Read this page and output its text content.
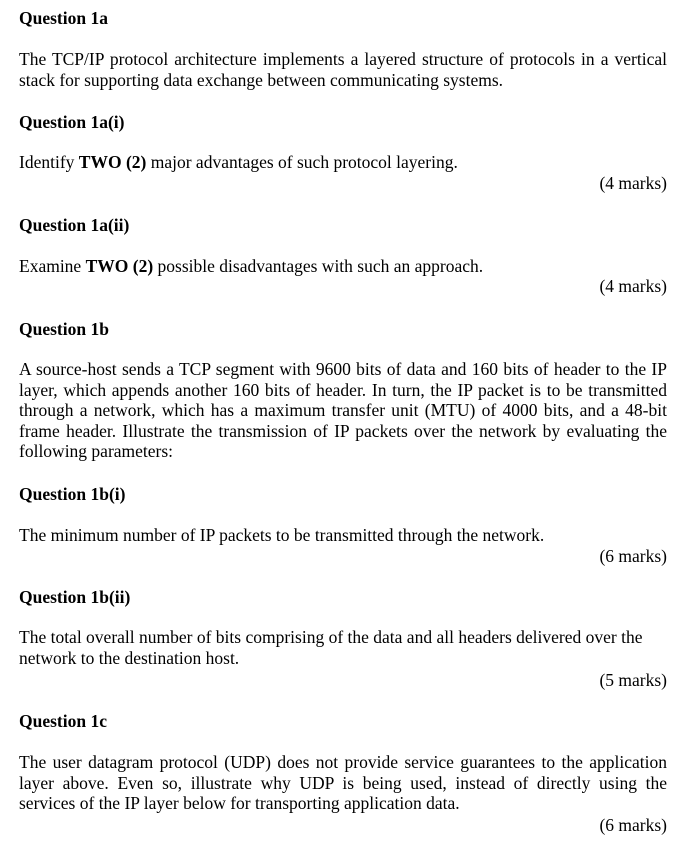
Question 1a
The TCP/IP protocol architecture implements a layered structure of protocols in a vertical stack for supporting data exchange between communicating systems.
Question 1a(i)
Identify TWO (2) major advantages of such protocol layering.
(4 marks)
Question 1a(ii)
Examine TWO (2) possible disadvantages with such an approach.
(4 marks)
Question 1b
A source-host sends a TCP segment with 9600 bits of data and 160 bits of header to the IP layer, which appends another 160 bits of header. In turn, the IP packet is to be transmitted through a network, which has a maximum transfer unit (MTU) of 4000 bits, and a 48-bit frame header. Illustrate the transmission of IP packets over the network by evaluating the following parameters:
Question 1b(i)
The minimum number of IP packets to be transmitted through the network.
(6 marks)
Question 1b(ii)
The total overall number of bits comprising of the data and all headers delivered over the network to the destination host.
(5 marks)
Question 1c
The user datagram protocol (UDP) does not provide service guarantees to the application layer above. Even so, illustrate why UDP is being used, instead of directly using the services of the IP layer below for transporting application data.
(6 marks)
